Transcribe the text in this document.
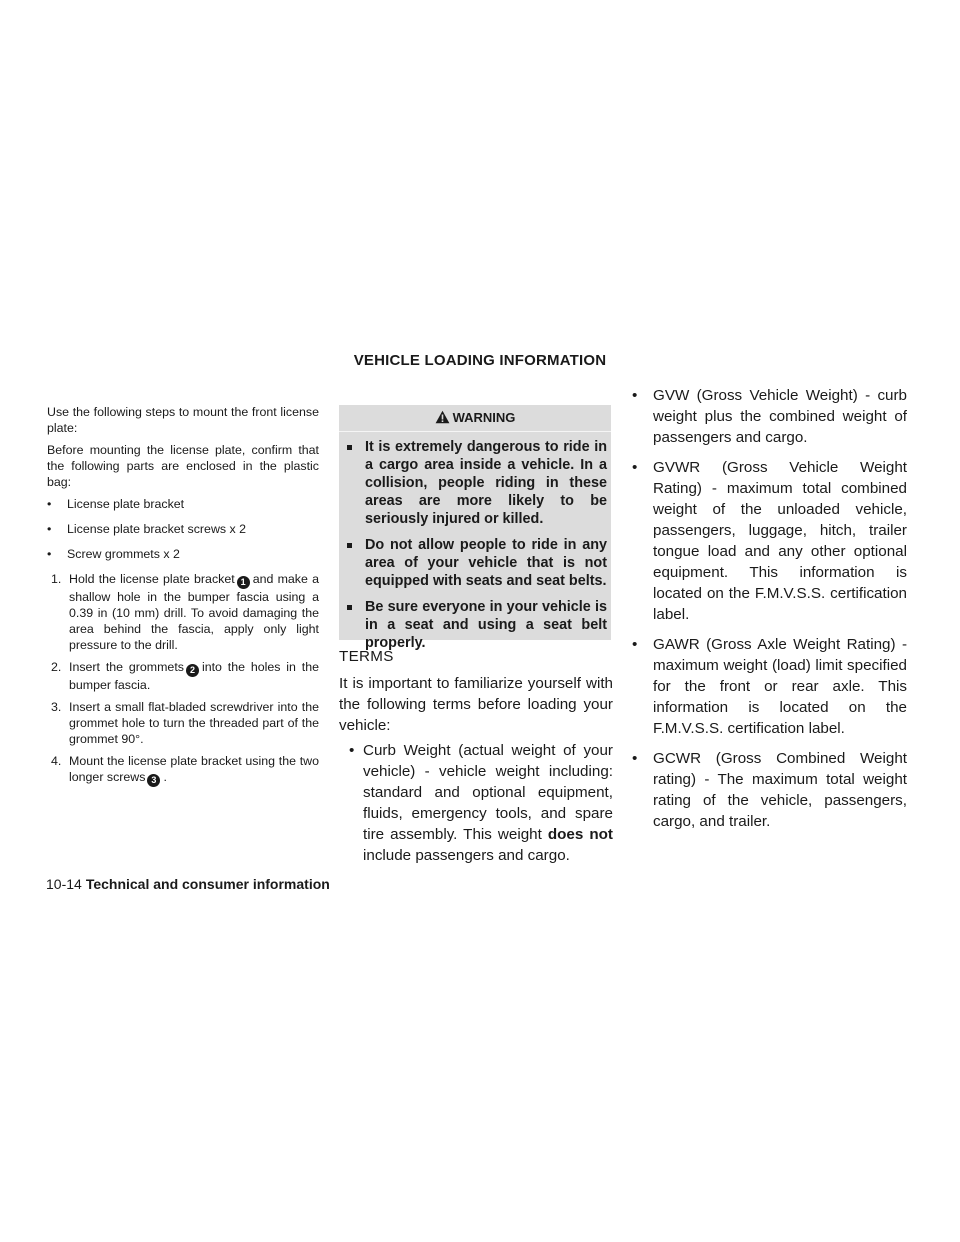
VEHICLE LOADING INFORMATION

Use the following steps to mount the front license plate:

Before mounting the license plate, confirm that the following parts are enclosed in the plastic bag:

• License plate bracket
• License plate bracket screws x 2
• Screw grommets x 2
1. Hold the license plate bracket 1 and make a shallow hole in the bumper fascia using a 0.39 in (10 mm) drill. To avoid damaging the area behind the fascia, apply only light pressure to the drill.
2. Insert the grommets 2 into the holes in the bumper fascia.
3. Insert a small flat-bladed screwdriver into the grommet hole to turn the threaded part of the grommet 90°.
4. Mount the license plate bracket using the two longer screws 3 .
WARNING
It is extremely dangerous to ride in a cargo area inside a vehicle. In a collision, people riding in these areas are more likely to be seriously injured or killed.
Do not allow people to ride in any area of your vehicle that is not equipped with seats and seat belts.
Be sure everyone in your vehicle is in a seat and using a seat belt properly.
TERMS

It is important to familiarize yourself with the following terms before loading your vehicle:

• Curb Weight (actual weight of your vehicle) - vehicle weight including: standard and optional equipment, fluids, emergency tools, and spare tire assembly. This weight does not include passengers and cargo.
• GVW (Gross Vehicle Weight) - curb weight plus the combined weight of passengers and cargo.
• GVWR (Gross Vehicle Weight Rating) - maximum total combined weight of the unloaded vehicle, passengers, luggage, hitch, trailer tongue load and any other optional equipment. This information is located on the F.M.V.S.S. certification label.
• GAWR (Gross Axle Weight Rating) - maximum weight (load) limit specified for the front or rear axle. This information is located on the F.M.V.S.S. certification label.
• GCWR (Gross Combined Weight rating) - The maximum total weight rating of the vehicle, passengers, cargo, and trailer.
10-14 Technical and consumer information
